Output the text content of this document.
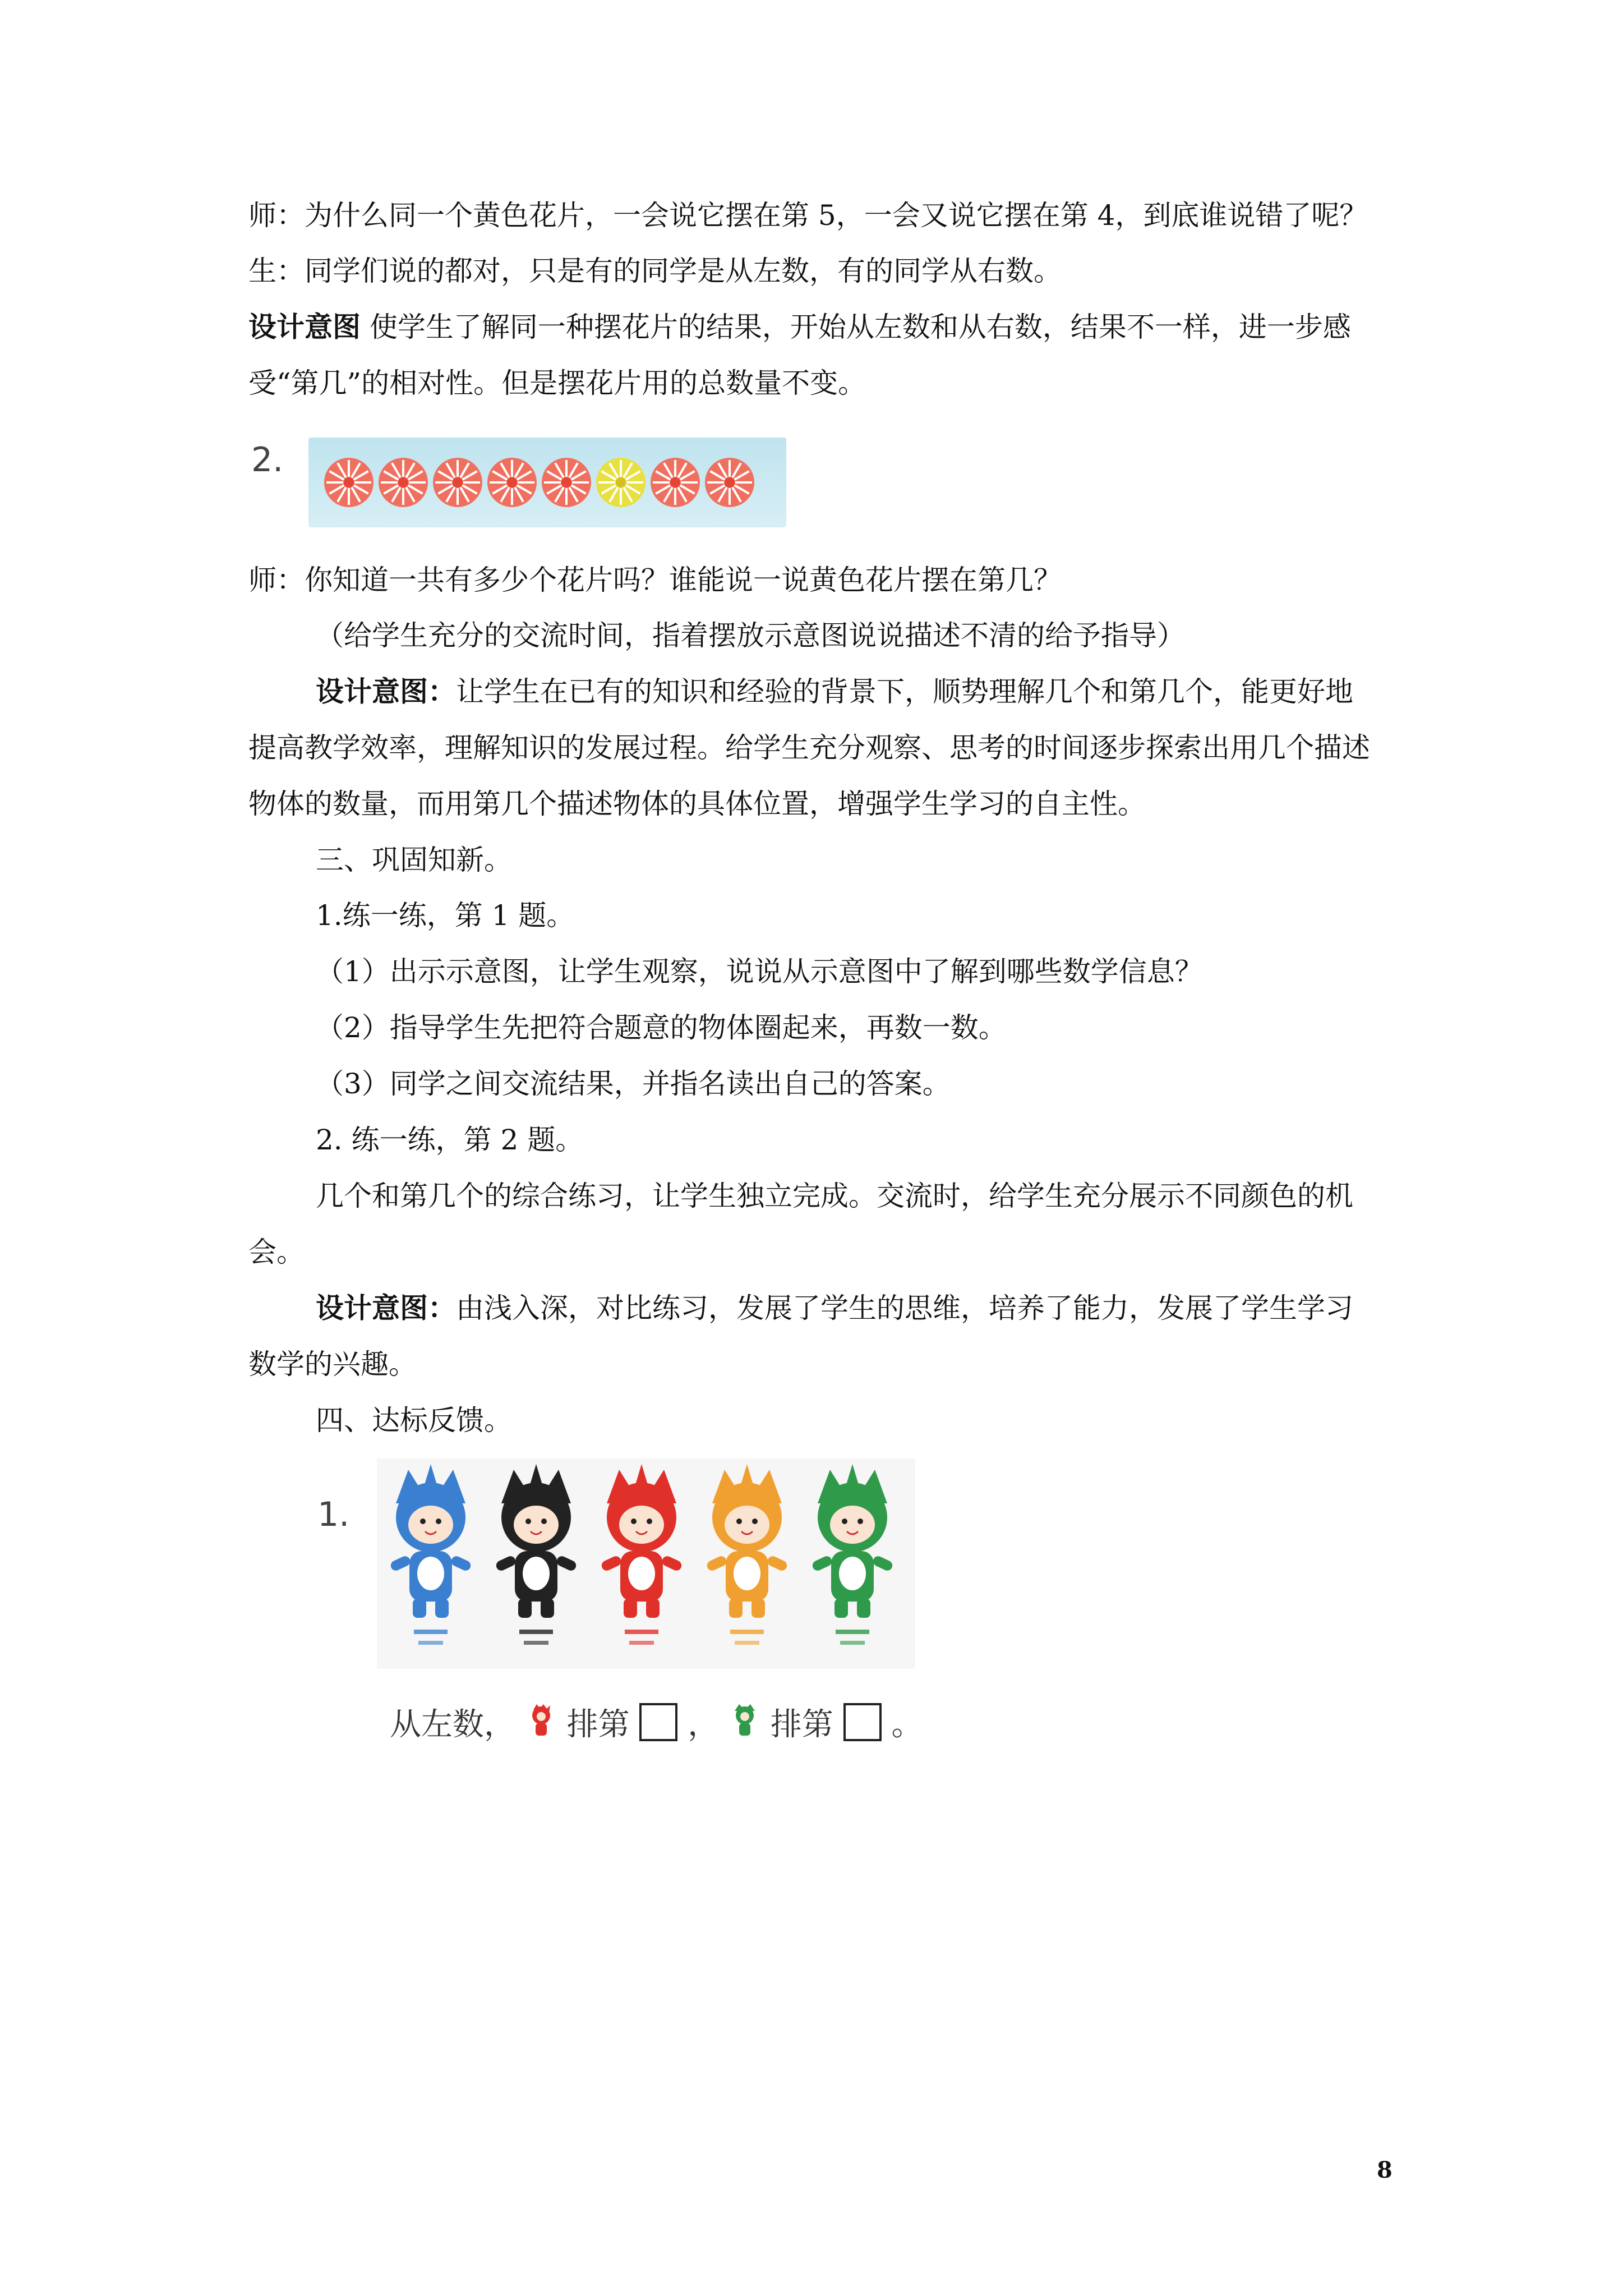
师：为什么同一个黄色花片，一会说它摆在第 5，一会又说它摆在第 4，到底谁说错了呢？
生：同学们说的都对，只是有的同学是从左数，有的同学从右数。
设计意图 使学生了解同一种摆花片的结果，开始从左数和从右数，结果不一样，进一步感
受“第几”的相对性。但是摆花片用的总数量不变。
2.
师：你知道一共有多少个花片吗？谁能说一说黄色花片摆在第几？
（给学生充分的交流时间，指着摆放示意图说说描述不清的给予指导）
设计意图：让学生在已有的知识和经验的背景下，顺势理解几个和第几个，能更好地
提高教学效率，理解知识的发展过程。给学生充分观察、思考的时间逐步探索出用几个描述
物体的数量，而用第几个描述物体的具体位置，增强学生学习的自主性。
三、巩固知新。
1.练一练，第 1 题。
（1）出示示意图，让学生观察，说说从示意图中了解到哪些数学信息？
（2）指导学生先把符合题意的物体圈起来，再数一数。
（3）同学之间交流结果，并指名读出自己的答案。
2. 练一练，第 2 题。
几个和第几个的综合练习，让学生独立完成。交流时，给学生充分展示不同颜色的机
会。
设计意图：由浅入深，对比练习，发展了学生的思维，培养了能力，发展了学生学习
数学的兴趣。
四、达标反馈。
1.
从左数， 排第 ， 排第 。
8
